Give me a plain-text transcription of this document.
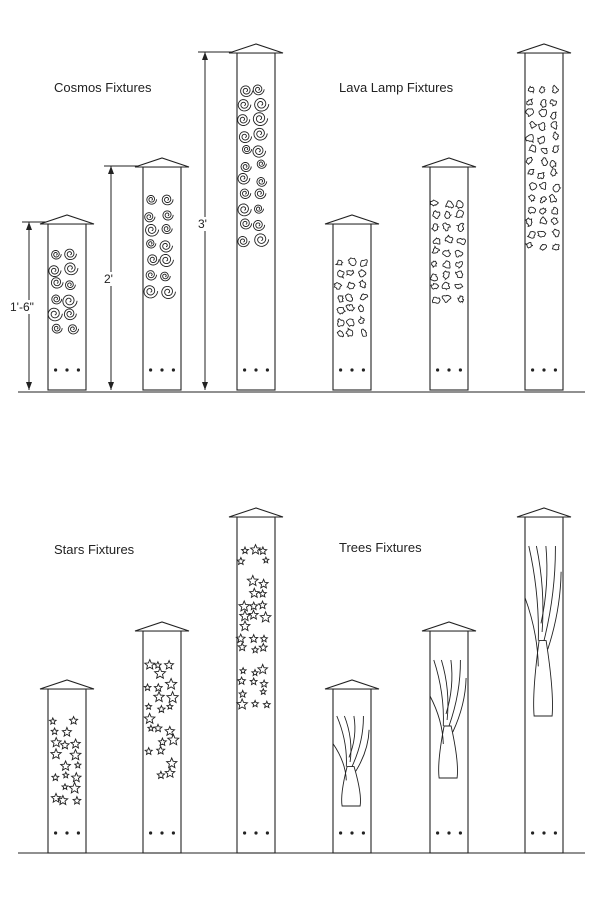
Cosmos Fixtures	Lava Lamp Fixtures
Stars Fixtures	Trees Fixtures
1'-6"
2'
3'
